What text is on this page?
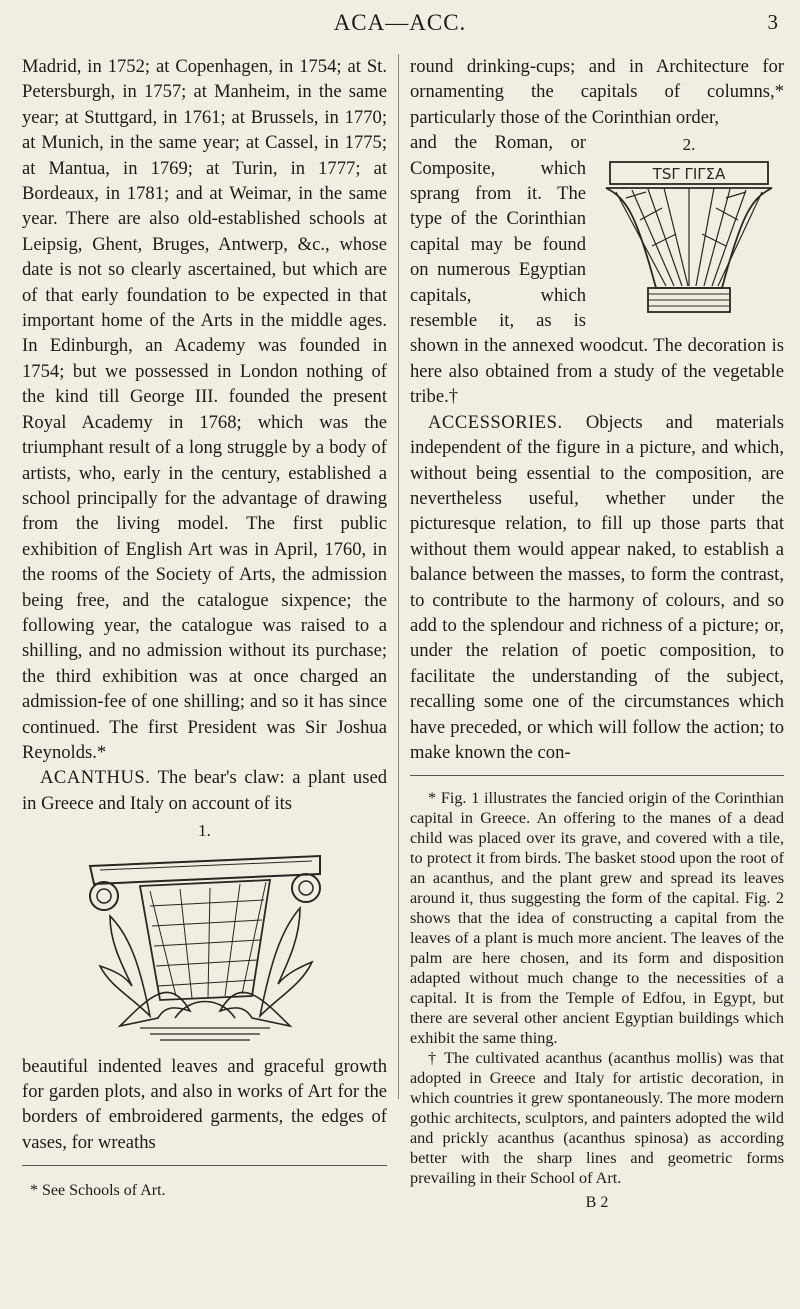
ACA—ACC.	3

Madrid, in 1752; at Copenhagen, in 1754; at St. Petersburgh, in 1757; at Manheim, in the same year; at Stuttgard, in 1761; at Brussels, in 1770; at Munich, in the same year; at Cassel, in 1775; at Mantua, in 1769; at Turin, in 1777; at Bordeaux, in 1781; and at Weimar, in the same year. There are also old-established schools at Leipsig, Ghent, Bruges, Antwerp, &c., whose date is not so clearly ascertained, but which are of that early foundation to be expected in that important home of the Arts in the middle ages. In Edinburgh, an Academy was founded in 1754; but we possessed in London nothing of the kind till George III. founded the present Royal Academy in 1768; which was the triumphant result of a long struggle by a body of artists, who, early in the century, established a school principally for the advantage of drawing from the living model. The first public exhibition of English Art was in April, 1760, in the rooms of the Society of Arts, the admission being free, and the catalogue sixpence; the following year, the catalogue was raised to a shilling, and no admission without its purchase; the third exhibition was at once charged an admission-fee of one shilling; and so it has since continued. The first President was Sir Joshua Reynolds.*

ACANTHUS. The bear's claw: a plant used in Greece and Italy on account of its

1.

beautiful indented leaves and graceful growth for garden plots, and also in works of Art for the borders of embroidered garments, the edges of vases, for wreaths

* See Schools of Art.

round drinking-cups; and in Architecture for ornamenting the capitals of columns,* particularly those of the Corinthian order,

2.
TSΓ ΓIΓΣA

and the Roman, or Composite, which sprang from it. The type of the Corinthian capital may be found on numerous Egyptian capitals, which resemble it, as is shown in the annexed woodcut. The decoration is here also obtained from a study of the vegetable tribe.†

ACCESSORIES. Objects and materials independent of the figure in a picture, and which, without being essential to the composition, are nevertheless useful, whether under the picturesque relation, to fill up those parts that without them would appear naked, to establish a balance between the masses, to form the contrast, to contribute to the harmony of colours, and so add to the splendour and richness of a picture; or, under the relation of poetic composition, to facilitate the understanding of the subject, recalling some one of the circumstances which have preceded, or which will follow the action; to make known the con-

* Fig. 1 illustrates the fancied origin of the Corinthian capital in Greece. An offering to the manes of a dead child was placed over its grave, and covered with a tile, to protect it from birds. The basket stood upon the root of an acanthus, and the plant grew and spread its leaves around it, thus suggesting the form of the capital. Fig. 2 shows that the idea of constructing a capital from the leaves of a plant is much more ancient. The leaves of the palm are here chosen, and its form and disposition adapted without much change to the necessities of a capital. It is from the Temple of Edfou, in Egypt, but there are several other ancient Egyptian buildings which exhibit the same thing.

† The cultivated acanthus (acanthus mollis) was that adopted in Greece and Italy for artistic decoration, in which countries it grew spontaneously. The more modern gothic architects, sculptors, and painters adopted the wild and prickly acanthus (acanthus spinosa) as according better with the sharp lines and geometric forms prevailing in their School of Art.

B 2
